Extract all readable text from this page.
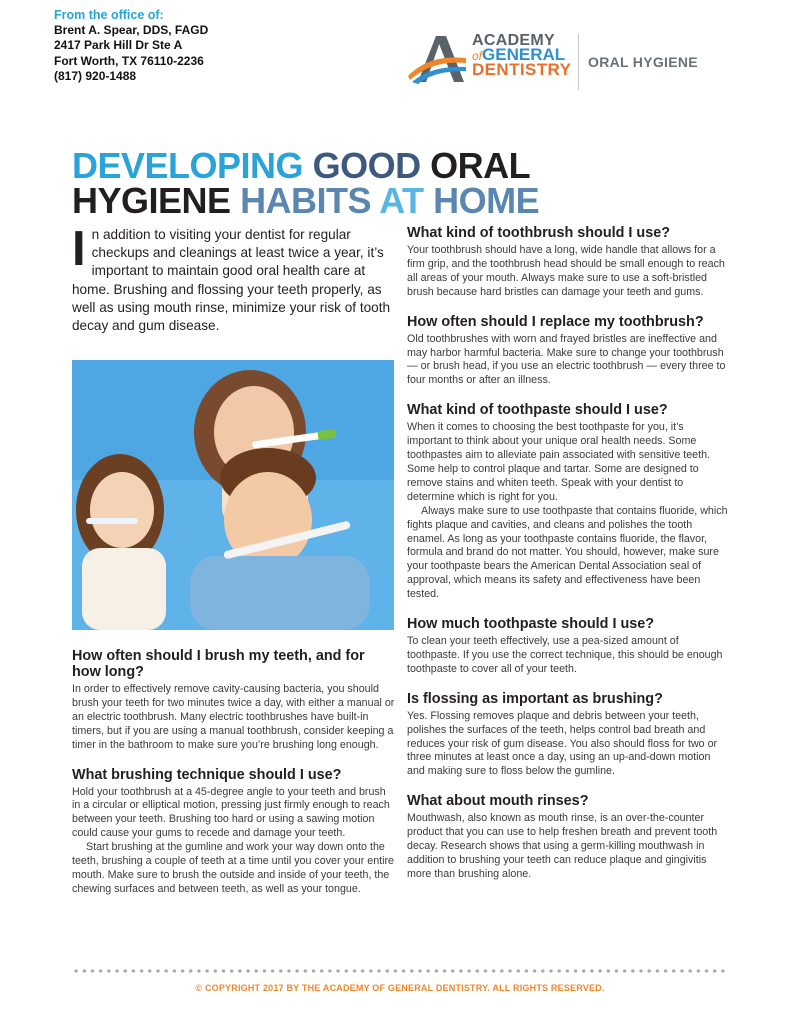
From the office of:
Brent A. Spear, DDS, FAGD
2417 Park Hill Dr Ste A
Fort Worth, TX 76110-2236
(817) 920-1488
ACADEMY
ofGENERAL
DENTISTRY ORAL HYGIENE
DEVELOPING GOOD ORAL
HYGIENE HABITS AT HOME
In addition to visiting your dentist for regular checkups and cleanings at least twice a year, it’s important to maintain good oral health care at home. Brushing and flossing your teeth properly, as well as using mouth rinse, minimize your risk of tooth decay and gum disease.
How often should I brush my teeth, and for how long?

In order to effectively remove cavity-causing bacteria, you should brush your teeth for two minutes twice a day, with either a manual or an electric toothbrush. Many electric toothbrushes have built-in timers, but if you are using a manual toothbrush, consider keeping a timer in the bathroom to make sure you’re brushing long enough.

What brushing technique should I use?

Hold your toothbrush at a 45-degree angle to your teeth and brush in a circular or elliptical motion, pressing just firmly enough to reach between your teeth. Brushing too hard or using a sawing motion could cause your gums to recede and damage your teeth.

Start brushing at the gumline and work your way down onto the teeth, brushing a couple of teeth at a time until you cover your entire mouth. Make sure to brush the outside and inside of your teeth, the chewing surfaces and between teeth, as well as your tongue.

What kind of toothbrush should I use?

Your toothbrush should have a long, wide handle that allows for a firm grip, and the toothbrush head should be small enough to reach all areas of your mouth. Always make sure to use a soft-bristled brush because hard bristles can damage your teeth and gums.

How often should I replace my toothbrush?

Old toothbrushes with worn and frayed bristles are ineffective and may harbor harmful bacteria. Make sure to change your toothbrush — or brush head, if you use an electric toothbrush — every three to four months or after an illness.

What kind of toothpaste should I use?

When it comes to choosing the best toothpaste for you, it’s important to think about your unique oral health needs. Some toothpastes aim to alleviate pain associated with sensitive teeth. Some help to control plaque and tartar. Some are designed to remove stains and whiten teeth. Speak with your dentist to determine which is right for you.

Always make sure to use toothpaste that contains fluoride, which fights plaque and cavities, and cleans and polishes the tooth enamel. As long as your toothpaste contains fluoride, the flavor, formula and brand do not matter. You should, however, make sure your toothpaste bears the American Dental Association seal of approval, which means its safety and effectiveness have been tested.

How much toothpaste should I use?

To clean your teeth effectively, use a pea-sized amount of toothpaste. If you use the correct technique, this should be enough toothpaste to cover all of your teeth.

Is flossing as important as brushing?

Yes. Flossing removes plaque and debris between your teeth, polishes the surfaces of the teeth, helps control bad breath and reduces your risk of gum disease. You also should floss for two or three minutes at least once a day, using an up-and-down motion and making sure to floss below the gumline.

What about mouth rinses?

Mouthwash, also known as mouth rinse, is an over-the-counter product that you can use to help freshen breath and prevent tooth decay. Research shows that using a germ-killing mouthwash in addition to brushing your teeth can reduce plaque and gingivitis more than brushing alone.

© COPYRIGHT 2017 BY THE ACADEMY OF GENERAL DENTISTRY. ALL RIGHTS RESERVED.
